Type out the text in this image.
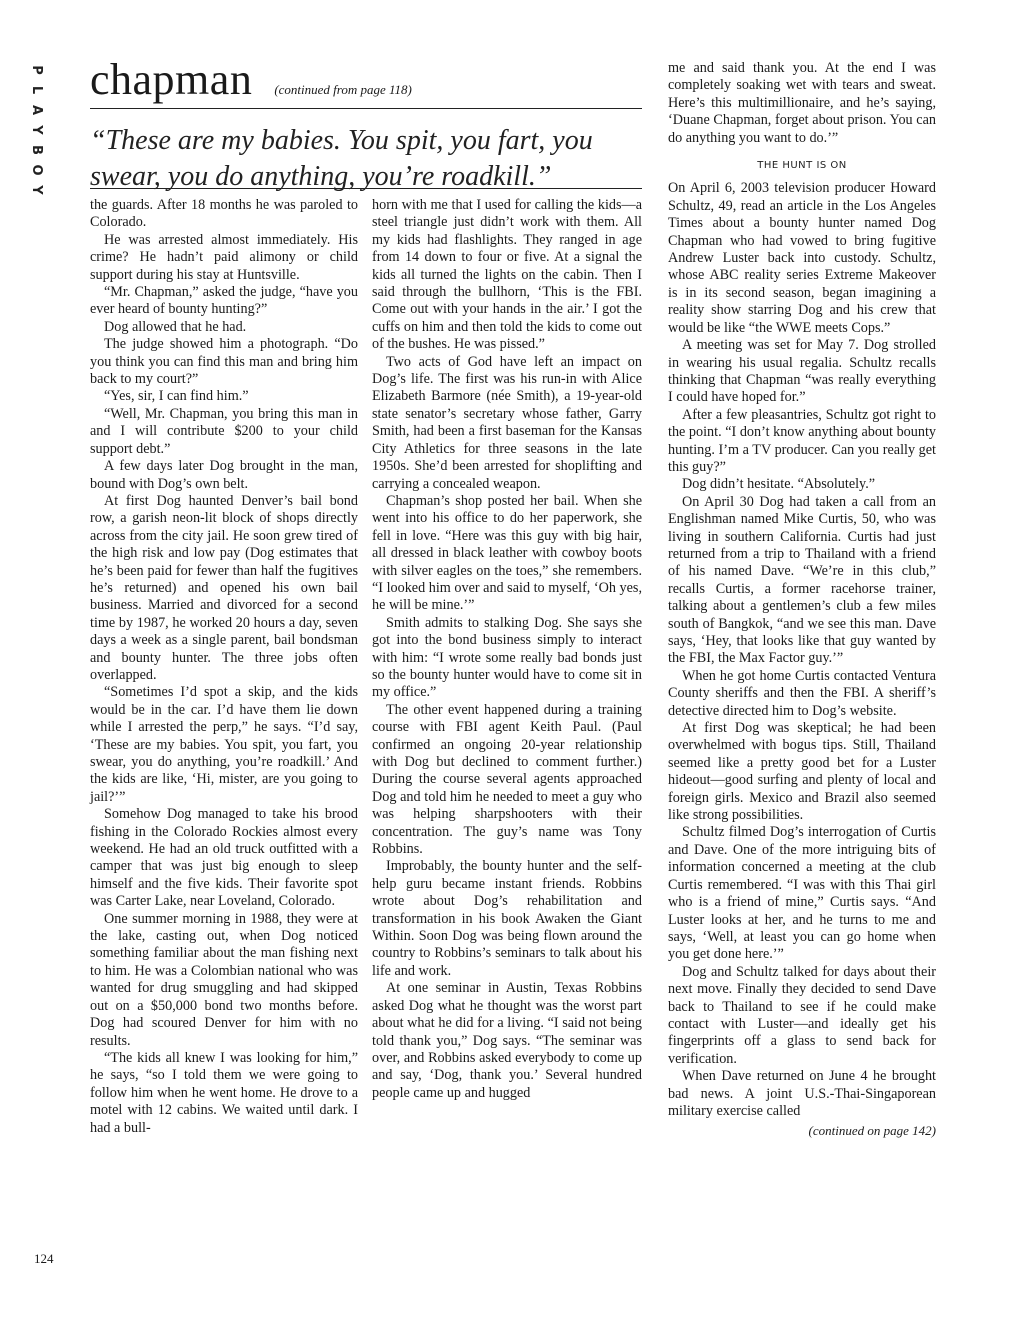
P
L
A
Y
B
O
Y
chapman (continued from page 118)
“These are my babies. You spit, you fart, you swear, you do anything, you’re roadkill.”

the guards. After 18 months he was paroled to Colorado.

He was arrested almost immediately. His crime? He hadn’t paid alimony or child support during his stay at Huntsville.

“Mr. Chapman,” asked the judge, “have you ever heard of bounty hunting?”

Dog allowed that he had.

The judge showed him a photograph. “Do you think you can find this man and bring him back to my court?”

“Yes, sir, I can find him.”

“Well, Mr. Chapman, you bring this man in and I will contribute $200 to your child support debt.”

A few days later Dog brought in the man, bound with Dog’s own belt.

At first Dog haunted Denver’s bail bond row, a garish neon-lit block of shops directly across from the city jail. He soon grew tired of the high risk and low pay (Dog estimates that he’s been paid for fewer than half the fugitives he’s returned) and opened his own bail business. Married and divorced for a second time by 1987, he worked 20 hours a day, seven days a week as a single parent, bail bondsman and bounty hunter. The three jobs often overlapped.

“Sometimes I’d spot a skip, and the kids would be in the car. I’d have them lie down while I arrested the perp,” he says. “I’d say, ‘These are my babies. You spit, you fart, you swear, you do anything, you’re roadkill.’ And the kids are like, ‘Hi, mister, are you going to jail?’”

Somehow Dog managed to take his brood fishing in the Colorado Rockies almost every weekend. He had an old truck outfitted with a camper that was just big enough to sleep himself and the five kids. Their favorite spot was Carter Lake, near Loveland, Colorado.

One summer morning in 1988, they were at the lake, casting out, when Dog noticed something familiar about the man fishing next to him. He was a Colombian national who was wanted for drug smuggling and had skipped out on a $50,000 bond two months before. Dog had scoured Denver for him with no results.

“The kids all knew I was looking for him,” he says, “so I told them we were going to follow him when he went home. He drove to a motel with 12 cabins. We waited until dark. I had a bull-

horn with me that I used for calling the kids—a steel triangle just didn’t work with them. All my kids had flashlights. They ranged in age from 14 down to four or five. At a signal the kids all turned the lights on the cabin. Then I said through the bullhorn, ‘This is the FBI. Come out with your hands in the air.’ I got the cuffs on him and then told the kids to come out of the bushes. He was pissed.”

Two acts of God have left an impact on Dog’s life. The first was his run-in with Alice Elizabeth Barmore (née Smith), a 19-year-old state senator’s secretary whose father, Garry Smith, had been a first baseman for the Kansas City Athletics for three seasons in the late 1950s. She’d been arrested for shoplifting and carrying a concealed weapon.

Chapman’s shop posted her bail. When she went into his office to do her paperwork, she fell in love. “Here was this guy with big hair, all dressed in black leather with cowboy boots with silver eagles on the toes,” she remembers. “I looked him over and said to myself, ‘Oh yes, he will be mine.’”

Smith admits to stalking Dog. She says she got into the bond business simply to interact with him: “I wrote some really bad bonds just so the bounty hunter would have to come sit in my office.”

The other event happened during a training course with FBI agent Keith Paul. (Paul confirmed an ongoing 20-year relationship with Dog but declined to comment further.) During the course several agents approached Dog and told him he needed to meet a guy who was helping sharpshooters with their concentration. The guy’s name was Tony Robbins.

Improbably, the bounty hunter and the self-help guru became instant friends. Robbins wrote about Dog’s rehabilitation and transformation in his book Awaken the Giant Within. Soon Dog was being flown around the country to Robbins’s seminars to talk about his life and work.

At one seminar in Austin, Texas Robbins asked Dog what he thought was the worst part about what he did for a living. “I said not being told thank you,” Dog says. “The seminar was over, and Robbins asked everybody to come up and say, ‘Dog, thank you.’ Several hundred people came up and hugged

me and said thank you. At the end I was completely soaking wet with tears and sweat. Here’s this multimillionaire, and he’s saying, ‘Duane Chapman, forget about prison. You can do anything you want to do.’”

THE HUNT IS ON

On April 6, 2003 television producer Howard Schultz, 49, read an article in the Los Angeles Times about a bounty hunter named Dog Chapman who had vowed to bring fugitive Andrew Luster back into custody. Schultz, whose ABC reality series Extreme Makeover is in its second season, began imagining a reality show starring Dog and his crew that would be like “the WWE meets Cops.”

A meeting was set for May 7. Dog strolled in wearing his usual regalia. Schultz recalls thinking that Chapman “was really everything I could have hoped for.”

After a few pleasantries, Schultz got right to the point. “I don’t know anything about bounty hunting. I’m a TV producer. Can you really get this guy?”

Dog didn’t hesitate. “Absolutely.”

On April 30 Dog had taken a call from an Englishman named Mike Curtis, 50, who was living in southern California. Curtis had just returned from a trip to Thailand with a friend of his named Dave. “We’re in this club,” recalls Curtis, a former racehorse trainer, talking about a gentlemen’s club a few miles south of Bangkok, “and we see this man. Dave says, ‘Hey, that looks like that guy wanted by the FBI, the Max Factor guy.’”

When he got home Curtis contacted Ventura County sheriffs and then the FBI. A sheriff’s detective directed him to Dog’s website.

At first Dog was skeptical; he had been overwhelmed with bogus tips. Still, Thailand seemed like a pretty good bet for a Luster hideout—good surfing and plenty of local and foreign girls. Mexico and Brazil also seemed like strong possibilities.

Schultz filmed Dog’s interrogation of Curtis and Dave. One of the more intriguing bits of information concerned a meeting at the club Curtis remembered. “I was with this Thai girl who is a friend of mine,” Curtis says. “And Luster looks at her, and he turns to me and says, ‘Well, at least you can go home when you get done here.’”

Dog and Schultz talked for days about their next move. Finally they decided to send Dave back to Thailand to see if he could make contact with Luster—and ideally get his fingerprints off a glass to send back for verification.

When Dave returned on June 4 he brought bad news. A joint U.S.-Thai-Singaporean military exercise called

(continued on page 142)
124
